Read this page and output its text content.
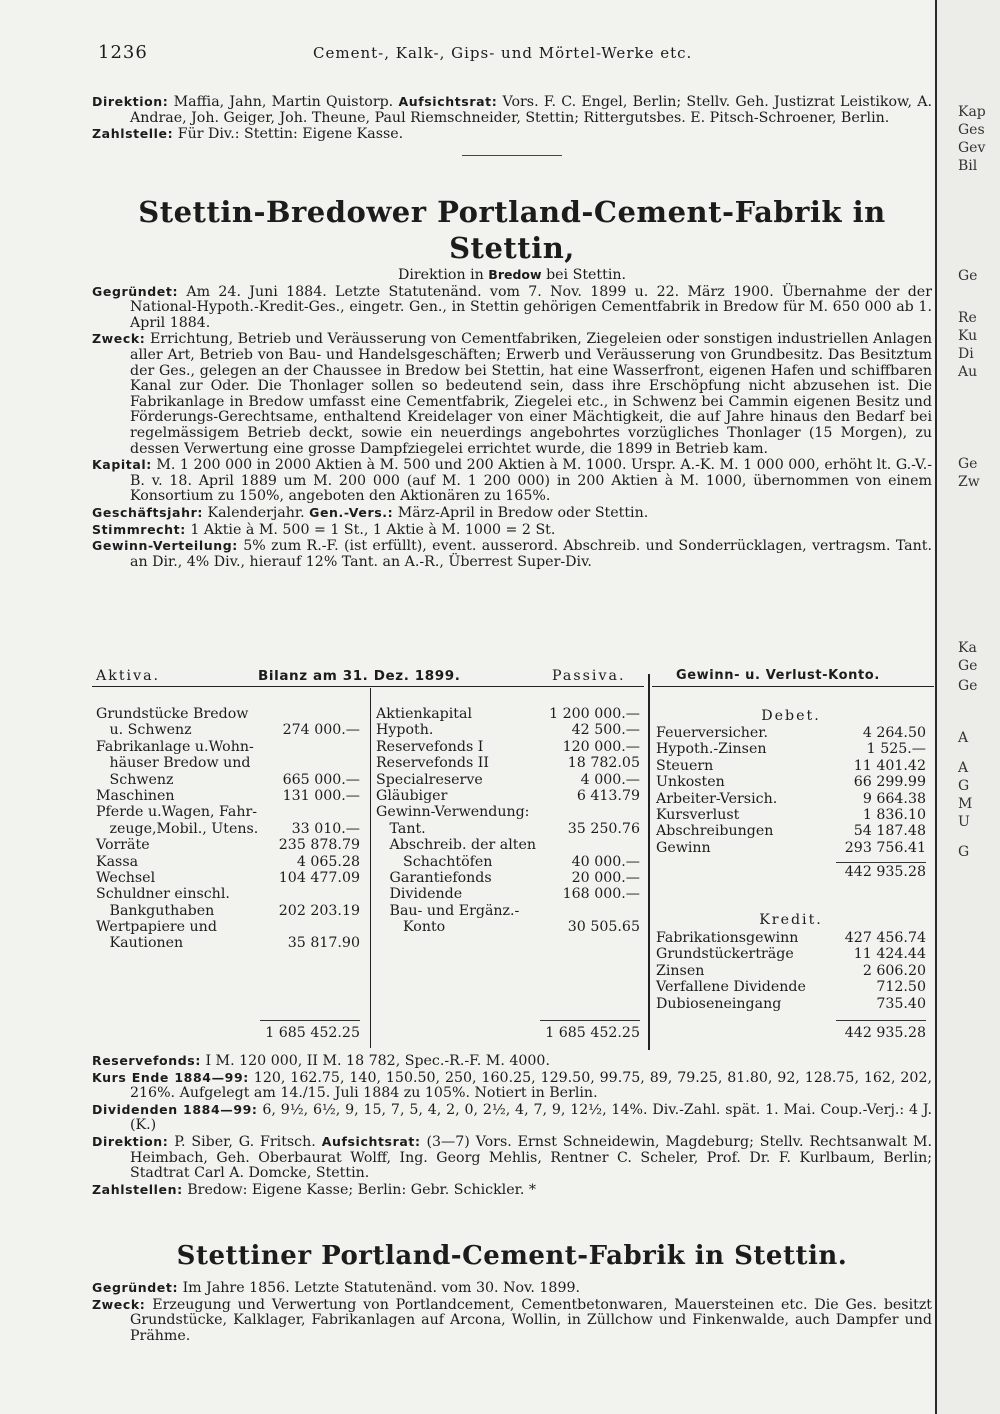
Kap
Ges
Gev
Bil
Ge
Re
Ku
Di
Au
Ge
Zw
Ka
Ge
Ge
A
A
G
M
U
G
1236	Cement-, Kalk-, Gips- und Mörtel-Werke etc.

Direktion: Maffia, Jahn, Martin Quistorp. Aufsichtsrat: Vors. F. C. Engel, Berlin; Stellv. Geh. Justizrat Leistikow, A. Andrae, Joh. Geiger, Joh. Theune, Paul Riemschneider, Stettin; Rittergutsbes. E. Pitsch-Schroener, Berlin.

Zahlstelle: Für Div.: Stettin: Eigene Kasse.

Stettin-Bredower Portland-Cement-Fabrik in Stettin,

Direktion in Bredow bei Stettin.

Gegründet: Am 24. Juni 1884. Letzte Statutenänd. vom 7. Nov. 1899 u. 22. März 1900. Übernahme der der National-Hypoth.-Kredit-Ges., eingetr. Gen., in Stettin gehörigen Cementfabrik in Bredow für M. 650 000 ab 1. April 1884.

Zweck: Errichtung, Betrieb und Veräusserung von Cementfabriken, Ziegeleien oder sonstigen industriellen Anlagen aller Art, Betrieb von Bau- und Handelsgeschäften; Erwerb und Veräusserung von Grundbesitz. Das Besitztum der Ges., gelegen an der Chaussee in Bredow bei Stettin, hat eine Wasserfront, eigenen Hafen und schiffbaren Kanal zur Oder. Die Thonlager sollen so bedeutend sein, dass ihre Erschöpfung nicht abzusehen ist. Die Fabrikanlage in Bredow umfasst eine Cementfabrik, Ziegelei etc., in Schwenz bei Cammin eigenen Besitz und Förderungs-Gerechtsame, enthaltend Kreidelager von einer Mächtigkeit, die auf Jahre hinaus den Bedarf bei regelmässigem Betrieb deckt, sowie ein neuerdings angebohrtes vorzügliches Thonlager (15 Morgen), zu dessen Verwertung eine grosse Dampfziegelei errichtet wurde, die 1899 in Betrieb kam.

Kapital: M. 1 200 000 in 2000 Aktien à M. 500 und 200 Aktien à M. 1000. Urspr. A.-K. M. 1 000 000, erhöht lt. G.-V.-B. v. 18. April 1889 um M. 200 000 (auf M. 1 200 000) in 200 Aktien à M. 1000, übernommen von einem Konsortium zu 150%, angeboten den Aktionären zu 165%.

Geschäftsjahr: Kalenderjahr. Gen.-Vers.: März-April in Bredow oder Stettin.

Stimmrecht: 1 Aktie à M. 500 = 1 St., 1 Aktie à M. 1000 = 2 St.

Gewinn-Verteilung: 5% zum R.-F. (ist erfüllt), event. ausserord. Abschreib. und Sonderrücklagen, vertragsm. Tant. an Dir., 4% Div., hierauf 12% Tant. an A.-R., Überrest Super-Div.

Aktiva.	Bilanz am 31. Dez. 1899.	Passiva.	Gewinn- u. Verlust-Konto.
Grundstücke Bredow
u. Schwenz	274 000.—
Fabrikanlage u.Wohn-
häuser Bredow und
Schwenz	665 000.—
Maschinen	131 000.—
Pferde u.Wagen, Fahr-
zeuge,Mobil., Utens. 33 010.—
Vorräte	235 878.79
Kassa	4 065.28
Wechsel	104 477.09
Schuldner einschl.
Bankguthaben	202 203.19
Wertpapiere und
Kautionen	35 817.90
1 685 452.25
Aktienkapital	1 200 000.—
Hypoth.	42 500.—
Reservefonds I	120 000.—
Reservefonds II	18 782.05
Specialreserve	4 000.—
Gläubiger	6 413.79
Gewinn-Verwendung:
Tant.	35 250.76
Abschreib. der alten
Schachtöfen	40 000.—
Garantiefonds	20 000.—
Dividende	168 000.—
Bau- und Ergänz.-
Konto	30 505.65
1 685 452.25
Debet.
Feuerversicher.	4 264.50
Hypoth.-Zinsen	1 525.—
Steuern	11 401.42
Unkosten	66 299.99
Arbeiter-Versich.	9 664.38
Kursverlust	1 836.10
Abschreibungen	54 187.48
Gewinn	293 756.41
442 935.28
Kredit.
Fabrikationsgewinn	427 456.74
Grundstückerträge	11 424.44
Zinsen	2 606.20
Verfallene Dividende	712.50
Dubioseneingang	735.40
442 935.28

Reservefonds: I M. 120 000, II M. 18 782, Spec.-R.-F. M. 4000.

Kurs Ende 1884—99: 120, 162.75, 140, 150.50, 250, 160.25, 129.50, 99.75, 89, 79.25, 81.80, 92, 128.75, 162, 202, 216%. Aufgelegt am 14./15. Juli 1884 zu 105%. Notiert in Berlin.

Dividenden 1884—99: 6, 9½, 6½, 9, 15, 7, 5, 4, 2, 0, 2½, 4, 7, 9, 12½, 14%. Div.-Zahl. spät. 1. Mai. Coup.-Verj.: 4 J. (K.)

Direktion: P. Siber, G. Fritsch. Aufsichtsrat: (3—7) Vors. Ernst Schneidewin, Magdeburg; Stellv. Rechtsanwalt M. Heimbach, Geh. Oberbaurat Wolff, Ing. Georg Mehlis, Rentner C. Scheler, Prof. Dr. F. Kurlbaum, Berlin; Stadtrat Carl A. Domcke, Stettin.

Zahlstellen: Bredow: Eigene Kasse; Berlin: Gebr. Schickler. *

Stettiner Portland-Cement-Fabrik in Stettin.

Gegründet: Im Jahre 1856. Letzte Statutenänd. vom 30. Nov. 1899.

Zweck: Erzeugung und Verwertung von Portlandcement, Cementbetonwaren, Mauersteinen etc. Die Ges. besitzt Grundstücke, Kalklager, Fabrikanlagen auf Arcona, Wollin, in Züllchow und Finkenwalde, auch Dampfer und Prähme.
